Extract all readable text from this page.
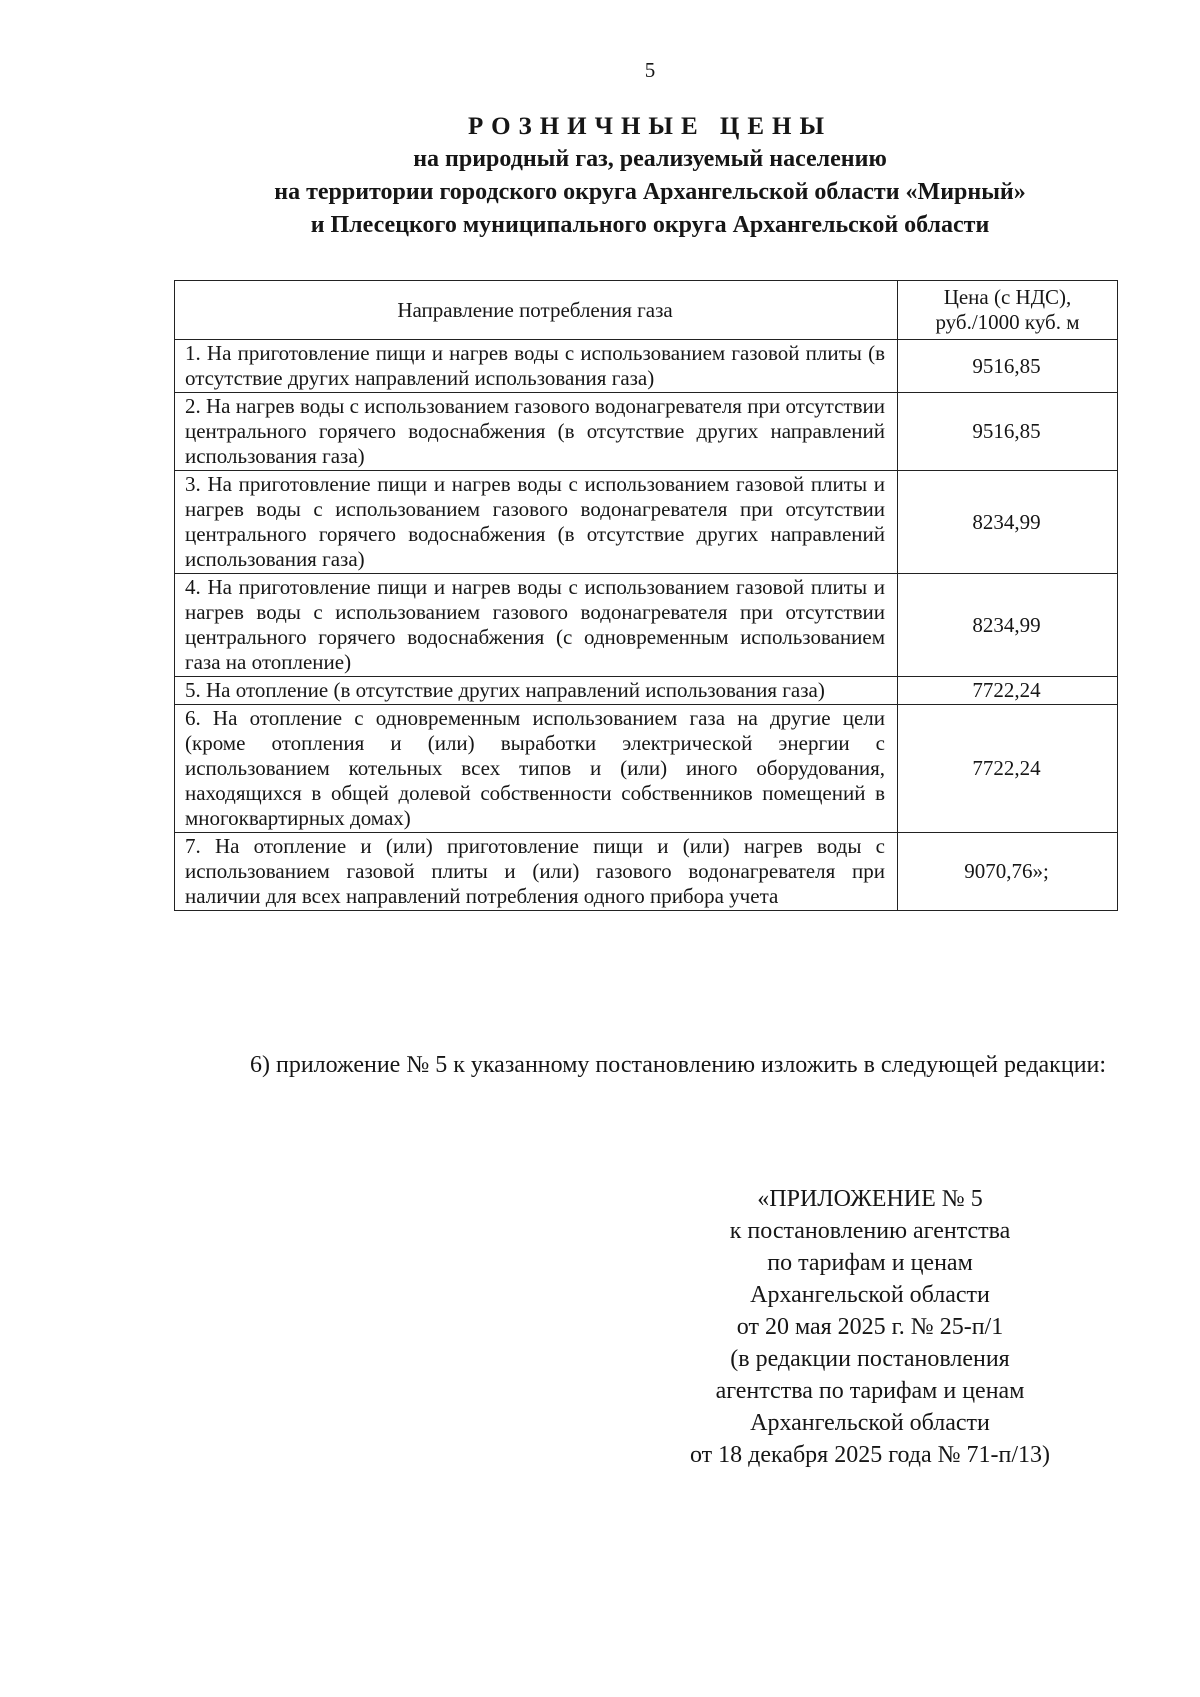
5
РОЗНИЧНЫЕ ЦЕНЫ
на природный газ, реализуемый населению
на территории городского округа Архангельской области «Мирный»
и Плесецкого муниципального округа Архангельской области
Направление потребления газа	Цена (с НДС), руб./1000 куб. м
1. На приготовление пищи и нагрев воды с использованием газовой плиты (в отсутствие других направлений использования газа)	9516,85
2. На нагрев воды с использованием газового водонагревателя при отсутствии центрального горячего водоснабжения (в отсутствие других направлений использования газа)	9516,85
3. На приготовление пищи и нагрев воды с использованием газовой плиты и нагрев воды с использованием газового водонагревателя при отсутствии центрального горячего водоснабжения (в отсутствие других направлений использования газа)	8234,99
4. На приготовление пищи и нагрев воды с использованием газовой плиты и нагрев воды с использованием газового водонагревателя при отсутствии центрального горячего водоснабжения (с одновременным использованием газа на отопление)	8234,99
5. На отопление (в отсутствие других направлений использования газа)	7722,24
6. На отопление с одновременным использованием газа на другие цели (кроме отопления и (или) выработки электрической энергии с использованием котельных всех типов и (или) иного оборудования, находящихся в общей долевой собственности собственников помещений в многоквартирных домах)	7722,24
7. На отопление и (или) приготовление пищи и (или) нагрев воды с использованием газовой плиты и (или) газового водонагревателя при наличии для всех направлений потребления одного прибора учета	9070,76»;
6) приложение № 5 к указанному постановлению изложить в следующей редакции:
«ПРИЛОЖЕНИЕ № 5
к постановлению агентства
по тарифам и ценам
Архангельской области
от 20 мая 2025 г. № 25-п/1
(в редакции постановления
агентства по тарифам и ценам
Архангельской области
от 18 декабря 2025 года № 71-п/13)
